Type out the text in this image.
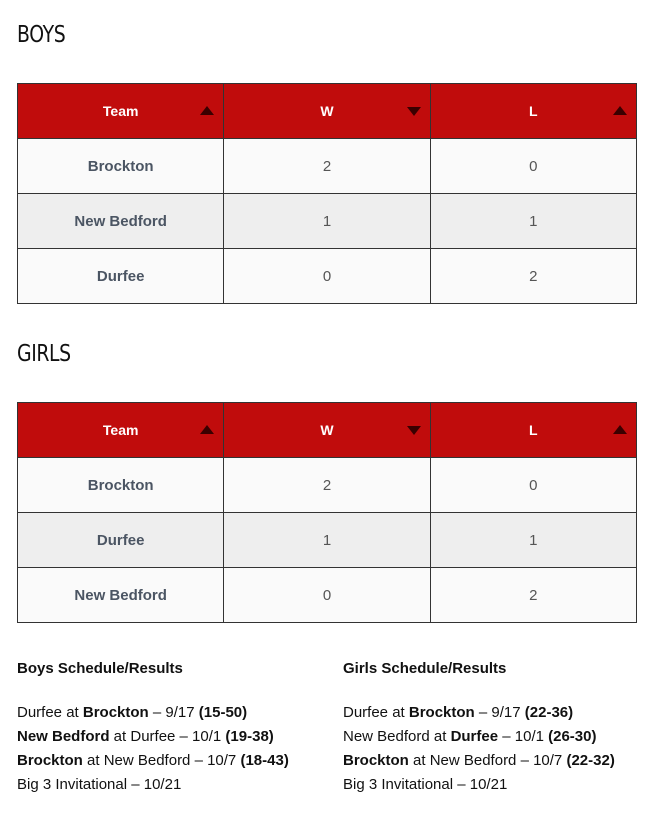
BOYS
Team	W	L

Brockton	2	0
New Bedford	1	1
Durfee	0	2
GIRLS
Team	W	L

Brockton	2	0
Durfee	1	1
New Bedford	0	2
Boys Schedule/Results
Durfee at Brockton – 9/17 (15-50)
New Bedford at Durfee – 10/1 (19-38)
Brockton at New Bedford – 10/7 (18-43)
Big 3 Invitational – 10/21
Girls Schedule/Results
Durfee at Brockton – 9/17 (22-36)
New Bedford at Durfee – 10/1 (26-30)
Brockton at New Bedford – 10/7 (22-32)
Big 3 Invitational – 10/21
